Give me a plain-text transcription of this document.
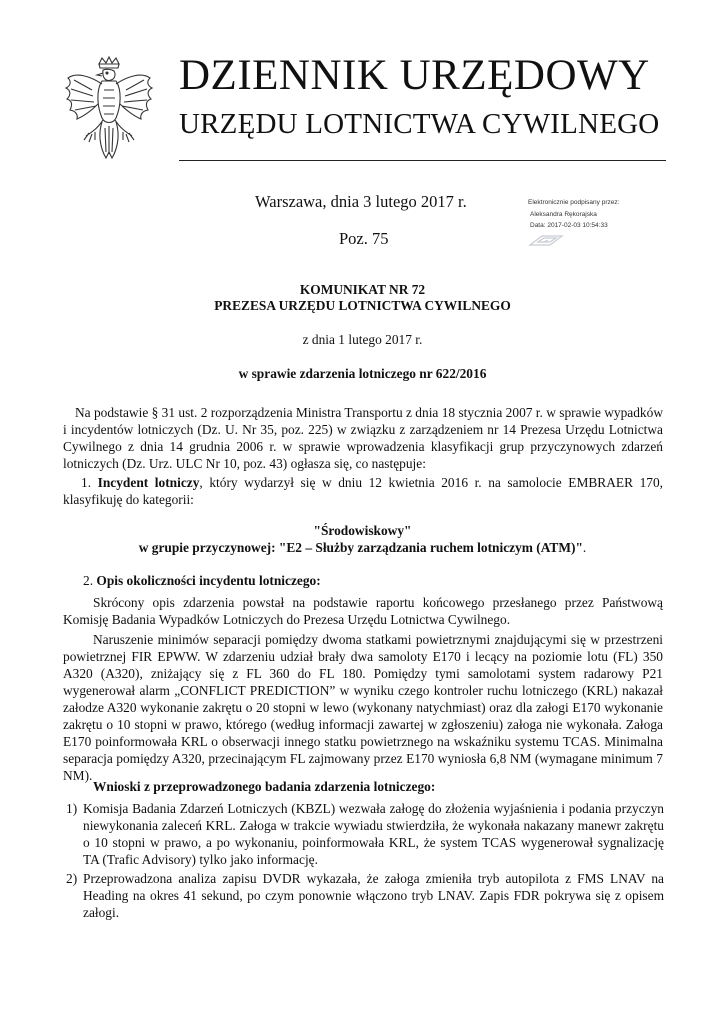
DZIENNIK URZĘDOWY
URZĘDU LOTNICTWA CYWILNEGO
Warszawa, dnia 3 lutego 2017 r.
Poz. 75
Elektronicznie podpisany przez:
Aleksandra Rękorajska
Data: 2017-02-03 10:54:33
KOMUNIKAT NR 72
PREZESA URZĘDU LOTNICTWA CYWILNEGO
z dnia 1 lutego 2017 r.
w sprawie zdarzenia lotniczego nr 622/2016

Na podstawie § 31 ust. 2 rozporządzenia Ministra Transportu z dnia 18 stycznia 2007 r. w sprawie wypadków i incydentów lotniczych (Dz. U. Nr 35, poz. 225) w związku z zarządzeniem nr 14 Prezesa Urzędu Lotnictwa Cywilnego z dnia 14 grudnia 2006 r. w sprawie wprowadzenia klasyfikacji grup przyczynowych zdarzeń lotniczych (Dz. Urz. ULC Nr 10, poz. 43) ogłasza się, co następuje:

1. Incydent lotniczy, który wydarzył się w dniu 12 kwietnia 2016 r. na samolocie EMBRAER 170, klasyfikuję do kategorii:

"Środowiskowy"
w grupie przyczynowej: "E2 – Służby zarządzania ruchem lotniczym (ATM)".
2. Opis okoliczności incydentu lotniczego:

Skrócony opis zdarzenia powstał na podstawie raportu końcowego przesłanego przez Państwową Komisję Badania Wypadków Lotniczych do Prezesa Urzędu Lotnictwa Cywilnego.

Naruszenie minimów separacji pomiędzy dwoma statkami powietrznymi znajdującymi się w przestrzeni powietrznej FIR EPWW. W zdarzeniu udział brały dwa samoloty E170 i lecący na poziomie lotu (FL) 350 A320 (A320), zniżający się z FL 360 do FL 180. Pomiędzy tymi samolotami system radarowy P21 wygenerował alarm „CONFLICT PREDICTION” w wyniku czego kontroler ruchu lotniczego (KRL) nakazał załodze A320 wykonanie zakrętu o 20 stopni w lewo (wykonany natychmiast) oraz dla załogi E170 wykonanie zakrętu o 10 stopni w prawo, którego (według informacji zawartej w zgłoszeniu) załoga nie wykonała. Załoga E170 poinformowała KRL o obserwacji innego statku powietrznego na wskaźniku systemu TCAS. Minimalna separacja pomiędzy A320, przecinającym FL zajmowany przez E170 wyniosła 6,8 NM (wymagane minimum 7 NM).

Wnioski z przeprowadzonego badania zdarzenia lotniczego:
1) Komisja Badania Zdarzeń Lotniczych (KBZL) wezwała załogę do złożenia wyjaśnienia i podania przyczyn niewykonania zaleceń KRL. Załoga w trakcie wywiadu stwierdziła, że wykonała nakazany manewr zakrętu o 10 stopni w prawo, a po wykonaniu, poinformowała KRL, że system TCAS wygenerował sygnalizację TA (Trafic Advisory) tylko jako informację.
2) Przeprowadzona analiza zapisu DVDR wykazała, że załoga zmieniła tryb autopilota z FMS LNAV na Heading na okres 41 sekund, po czym ponownie włączono tryb LNAV. Zapis FDR pokrywa się z opisem załogi.
